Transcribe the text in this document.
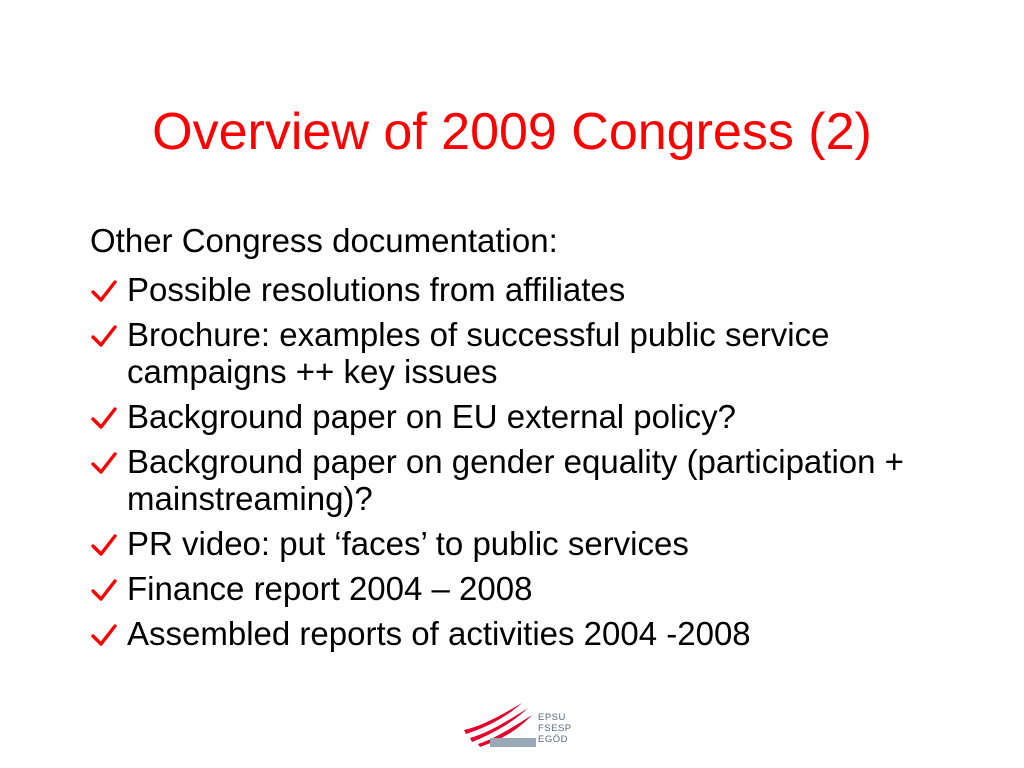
Overview of 2009 Congress (2)

Other Congress documentation:

Possible resolutions from affiliates
Brochure: examples of successful public service campaigns ++ key issues
Background paper on EU external policy?
Background paper on gender equality (participation + mainstreaming)?
PR video: put ‘faces’ to public services
Finance report 2004 – 2008
Assembled reports of activities 2004 -2008
EPSU
FSESP
EGÖD
